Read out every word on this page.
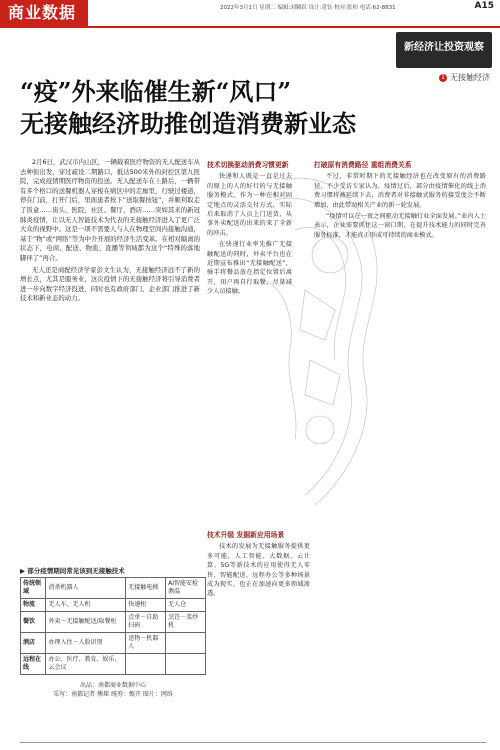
商业数据	2022年3月1日 星期二 编辑:刘腾跃 设计:黄钰 校对:张桓 电话:62-8831	A15
新经济让投资观察
1 无接触经济
“疫”外来临催生新“风口”
无接触经济助推创造消费新业态
2月6日，武汉市内山区，一辆载着医疗物资的无人配送车从去种街出发，穿过疏设二期路口，抵达500米外的封控区第九医院，完成疫情期医疗物资的投送。无人配送车在上路后，一辆带有多个格口的送餐机器人穿梭在病区中的走廊里，行驶过楼道，停在门前，打开门后，里面患者按下“送取餐按钮”，并顺利取走了饭盒……街头、医院、社区、餐厅、酒店……突如其来的新冠肺炎疫情，让以无人智能技术为代表的无接触经济进入了更广泛大众的视野中。这是一项不需要人与人在物理空间内接触沟通，基于“物”或“网络”等为中介开展的经济生活变革。在相对隔离的状态下，电商、配送、物流、直播等领域都为这个“特殊的落地脚伴了”再合。
无人还是商配经济学家彭文生认为，无接触经济远不了新的增长点，尤其是服务业，这次疫情下的无接触经济将引导消费者进一步向数字经济投进，同时也有政府部门、企业部门推进了新技术和新业态的动力。
技术切换驱动消费习惯更新
快递和人既是一直是过去的原上的人的好行的与无接触服务模式，作为一种在相对固定地点的灵活交付方式，实际后来取消了人员上门送货，从事外卖配送的出来的来了全新的冲击。
在快递行业率先推广无接触配送的同时，外卖平台也在近期宣布推出“无接触配送”，骑手将餐品放在指定位置后离开，用户再自行取餐，尽量减少人员接触。
技术升级 发掘新应用场景
技术的发展为无接触服务提供更多可能，人工智能、大数据、云计算、5G等新技术的应用使得无人零售、智能配送、远程办公等多种场景成为现实，也正在加速向更多领域渗透。
打破原有消费路径 重组消费关系
不过，非常时期下的无接触经济也在改变原有的消费路径。不少受访专家认为，疫情过后，部分由疫情催化的线上消费习惯将被延续下去，消费者对非接触式服务的接受度会不断增加，由此带动相关产业的新一轮发展。
“疫情可以在一夜之间驱动无接触行业全面发展。”业内人士表示，企业需要抓住这一窗口期，在提升技术能力的同时完善服务标准，才能真正形成可持续的商业模式。
▶ 部分疫情期间常见该到无接触技术
传统领域	消杀机器人	无接触电梯	AI智能安检测温
物流	无人车、无人机	快递柜	无人仓
餐饮	外卖－无接触配送/取餐柜	点单－自助扫码	烹饪－菜炒机
酒店	办理入住－人脸识别	送物－机器人	
远程在线	办公、医疗、教育、娱乐、云会议		
出品：南都商业数据中心
采写：南都记者 傅琛 统筹：甄开 图片：网络
